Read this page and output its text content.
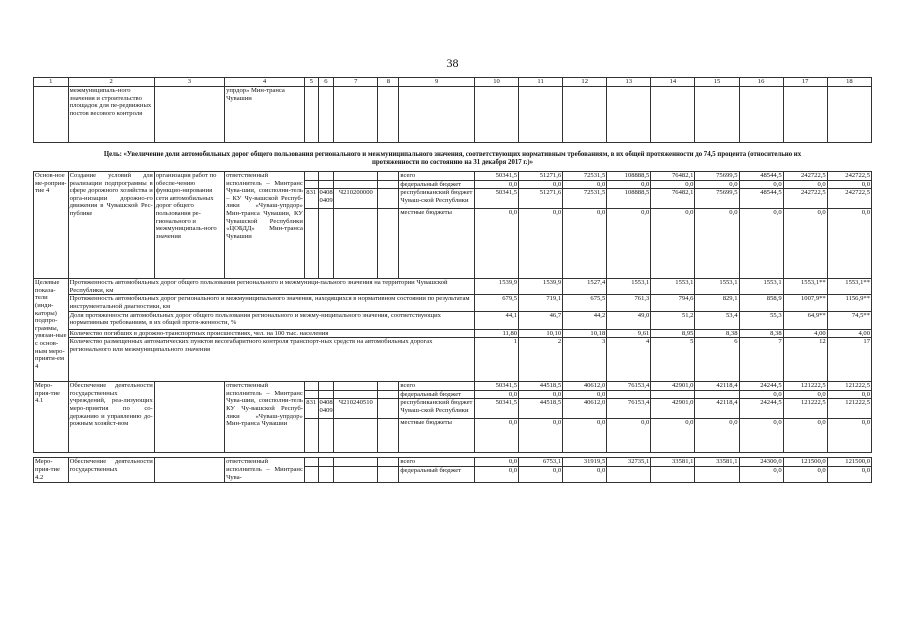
38
1	2	3	4	5	6	7	8	9	10	11	12	13	14	15	16	17	18
	межмуниципаль-ного значения и строительство площадок для пе-редвижных постов весового контроля		упрдор» Мин-транса Чувашии														
Цель: «Увеличение доли автомобильных дорог общего пользования регионального и межмуниципального значения, соответствующих нормативным требованиям, в их общей протяженности до 74,5 процента (относительно их протяженности по состоянию на 31 декабря 2017 г.)»																	
Основ-ное ме-роприя-тие 4	Создание условий для реализации подпрограммы в сфере дорожного хозяйства и орга-низации дорожно-го движения в Чувашской Рес-публике	организация работ по обеспе-чению функцио-нирования сети автомобильных дорог общего пользования ре-гионального и межмуниципаль-ного значения	ответственный исполнитель – Минтранс Чува-шии, соисполни-тель – КУ Чу-вашской Респуб-лики «Чуваш-упрдор» Мин-транса Чувашии, КУ Чувашской Республики «ЦОБДД» Мин-транса Чувашии					всего	50341,5	51271,6	72531,5	108888,5	76482,1	75699,5	48544,5	242722,5	242722,5
								федеральный бюджет	0,0	0,0	0,0	0,0	0,0	0,0	0,0	0,0	0,0
				831	0408 0409	Ч210200000		республиканский бюджет Чуваш-ской Республики	50341,5	51271,6	72531,5	108888,5	76482,1	75699,5	48544,5	242722,5	242722,5
								местные бюджеты	0,0	0,0	0,0	0,0	0,0	0,0	0,0	0,0	0,0
Целевые показа-тели (инди-каторы) подпро-граммы, увязан-ные с основ-ным меро-прияти-ем 4	Протяженность автомобильных дорог общего пользования регионального и межмуници-пального значения на территории Чувашской Республики, км								1539,9	1539,9	1527,4	1553,1	1553,1	1553,1	1553,1	1553,1**	1553,1**
	Протяженность автомобильных дорог регионального и межмуниципального значения, находящихся в нормативном состоянии по результатам инструментальной диагностики, км								679,5	719,1	675,5	761,3	794,6	829,1	858,9	1007,9**	1156,9**
	Доля протяженности автомобильных дорог общего пользования регионального и межму-ниципального значения, соответствующих нормативным требованиям, в их общей протя-женности, %								44,1	46,7	44,2	49,0	51,2	53,4	55,3	64,9**	74,5**
	Количество погибших в дорожно-транспортных происшествиях, чел. на 100 тыс. населения								11,80	10,10	10,18	9,61	8,95	8,38	8,38	4,00	4,00
	Количество размещенных автоматических пунктов весогабаритного контроля транспорт-ных средств на автомобильных дорогах регионального или межмуниципального значения								1	2	3	4	5	6	7	12	17
Меро-прия-тие 4.1	Обеспечение деятельности государственных учреждений, реа-лизующих меро-приятия по со-держанию и управлению до-рожным хозяйст-вом		ответственный исполнитель – Минтранс Чува-шии, соисполни-тель КУ Чу-вашской Респуб-лики «Чуваш-упрдор» Мин-транса Чувашии					всего	50341,5	44518,5	40612,0	76153,4	42901,0	42118,4	24244,5	121222,5	121222,5
								федеральный бюджет	0,0	0,0	0,0				0,0	0,0	0,0
				831	0408 0409	Ч210240510		республиканский бюджет Чуваш-ской Республики	50341,5	44518,5	40612,0	76153,4	42901,0	42118,4	24244,5	121222,5	121222,5
								местные бюджеты	0,0	0,0	0,0	0,0	0,0	0,0	0,0	0,0	0,0

Меро-прия-тие 4.2	Обеспечение деятельности государственных		ответственный исполнитель – Минтранс Чува-					всего	0,0	6753,1	31919,5	32735,1	33581,1	33581,1	24300,0	121500,0	121500,0
								федеральный бюджет	0,0	0,0	0,0				0,0	0,0	0,0
